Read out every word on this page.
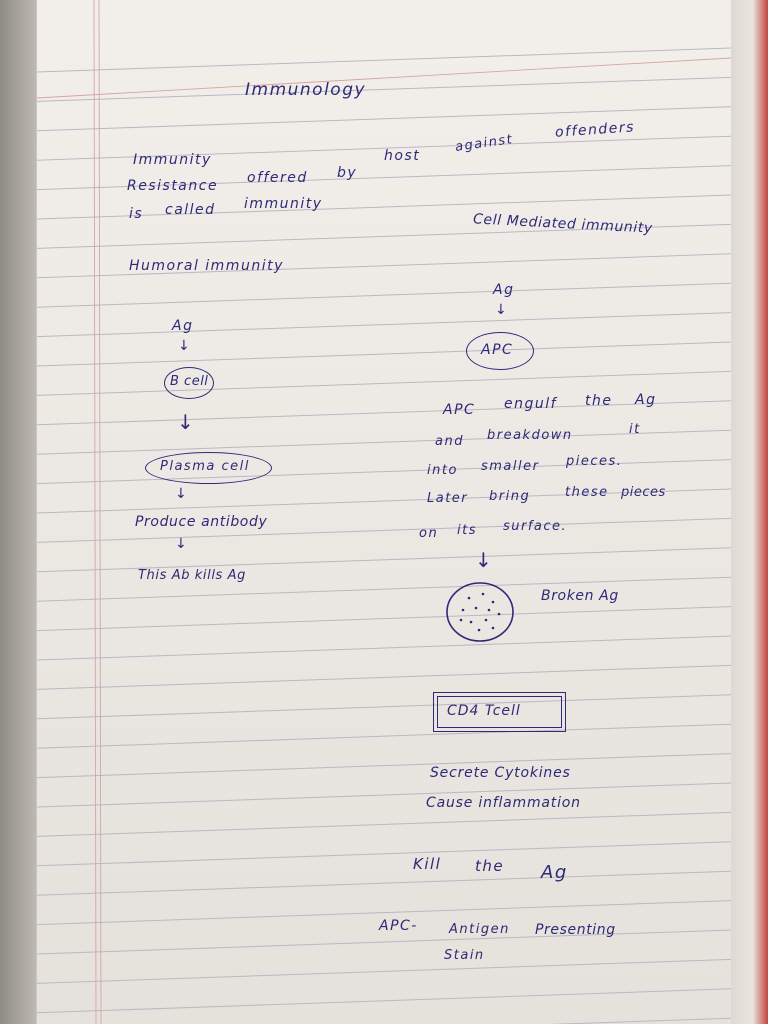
Immunology
Immunity
Resistance offered by
host
against
offenders
is called immunity
Humoral immunity
Ag
↓
B cell
↓
Plasma cell
↓
Produce antibody
↓
This Ab kills Ag
Cell Mediated immunity
Ag
↓
APC
APC engulf the Ag
and breakdown	it
into smaller pieces.
Later bring	these pieces
on its surface.
↓
Broken Ag
CD4 Tcell
Secrete Cytokines
Cause inflammation
Kill the Ag
APC- Antigen Presenting
Stain
